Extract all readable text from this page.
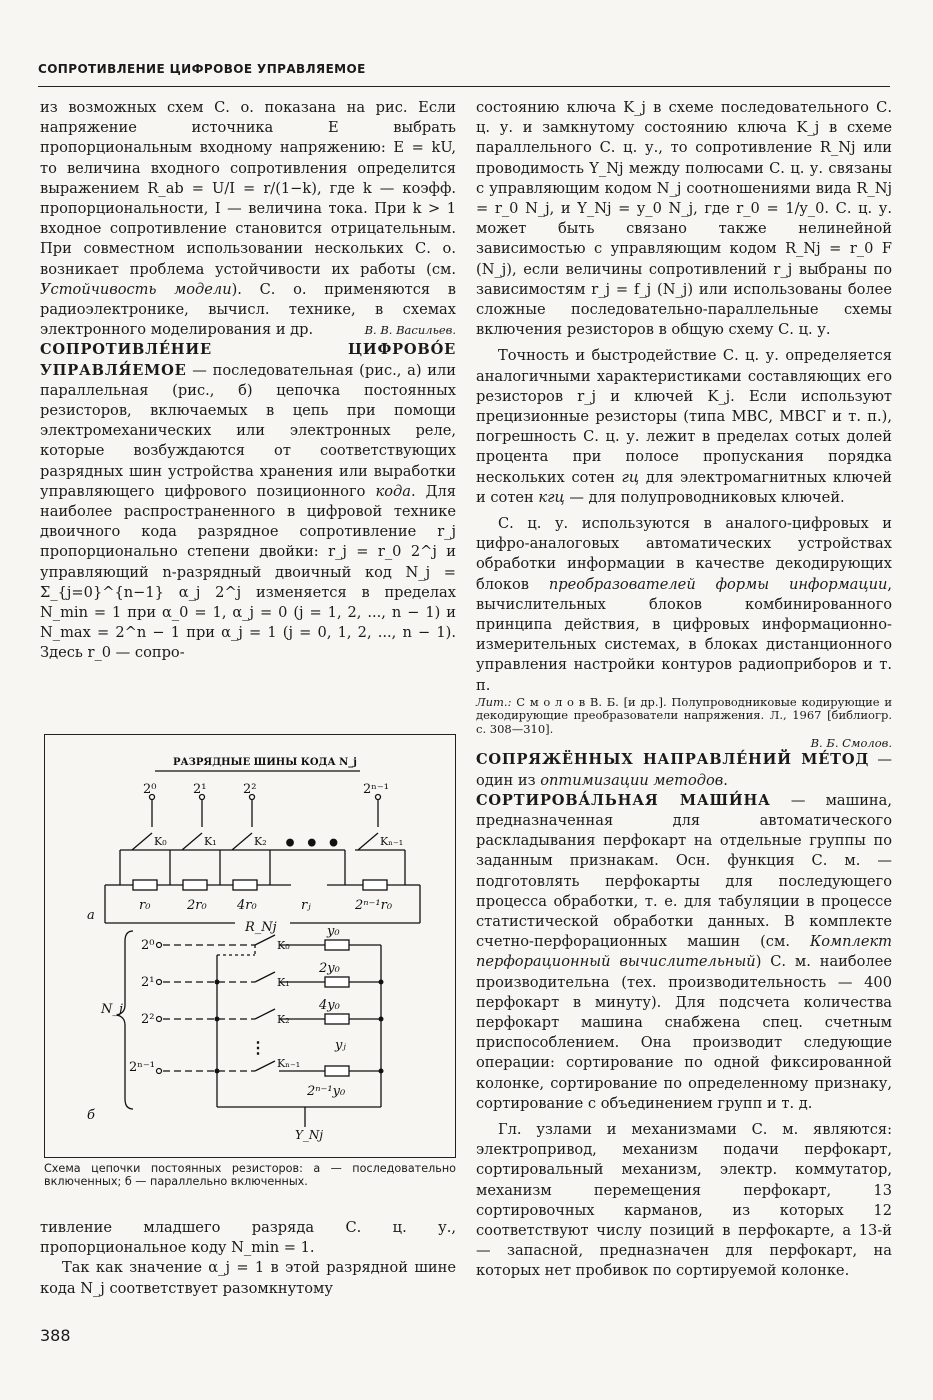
СОПРОТИВЛЕНИЕ ЦИФРОВОЕ УПРАВЛЯЕМОЕ

из возможных схем С. о. показана на рис. Если напряжение источника E выбрать пропорциональным входному напряжению: E = kU, то величина входного сопротивления определится выражением R_ab = U/I = r/(1−k), где k — коэфф. пропорциональности, I — величина тока. При k > 1 входное сопротивление становится отрицательным. При совместном использовании нескольких С. о. возникает проблема устойчивости их работы (см. Устойчивость модели). С. о. применяются в радиоэлектронике, вычисл. технике, в схемах электронного моделирования и др.	В. В. Васильев.

СОПРОТИВЛЕ́НИЕ ЦИФРОВО́Е УПРАВЛЯ́ЕМОЕ — последовательная (рис., а) или параллельная (рис., б) цепочка постоянных резисторов, включаемых в цепь при помощи электромеханических или электронных реле, которые возбуждаются от соответствующих разрядных шин устройства хранения или выработки управляющего цифрового позиционного кода. Для наиболее распространенного в цифровой технике двоичного кода разрядное сопротивление r_j пропорционально степени двойки: r_j = r_0 2^j и управляющий n-разрядный двоичный код N_j = Σ_{j=0}^{n−1} α_j 2^j изменяется в пределах N_min = 1 при α_0 = 1, α_j = 0 (j = 1, 2, ..., n − 1) и N_max = 2^n − 1 при α_j = 1 (j = 0, 1, 2, ..., n − 1). Здесь r_0 — сопро-

РАЗРЯДНЫЕ ШИНЫ КОДА N_j
• • •
2⁰	2¹	2²	2ⁿ⁻¹
K₀	K₁	K₂	Kₙ₋₁
r₀	2r₀ 4r₀	rⱼ	2ⁿ⁻¹r₀
R_Nj
а
⋮
2⁰
2¹
2²
2ⁿ⁻¹
K₀
K₁
K₂
Kₙ₋₁
y₀
2y₀
4y₀
yⱼ
2ⁿ⁻¹y₀
N_j
Y_Nj
б
Схема цепочки постоянных резисторов: а — последовательно включенных; б — параллельно включенных.

тивление младшего разряда С. ц. у., пропорциональное коду N_min = 1.

Так как значение α_j = 1 в этой разрядной шине кода N_j соответствует разомкнутому

состоянию ключа K_j в схеме последовательного С. ц. у. и замкнутому состоянию ключа K_j в схеме параллельного С. ц. у., то сопротивление R_Nj или проводимость Y_Nj между полюсами С. ц. у. связаны с управляющим кодом N_j соотношениями вида R_Nj = r_0 N_j, и Y_Nj = y_0 N_j, где r_0 = 1/y_0. С. ц. у. может быть связано также нелинейной зависимостью с управляющим кодом R_Nj = r_0 F (N_j), если величины сопротивлений r_j выбраны по зависимостям r_j = f_j (N_j) или использованы более сложные последовательно-параллельные схемы включения резисторов в общую схему С. ц. у.

Точность и быстродействие С. ц. у. определяется аналогичными характеристиками составляющих его резисторов r_j и ключей K_j. Если используют прецизионные резисторы (типа МВС, МВСГ и т. п.), погрешность С. ц. у. лежит в пределах сотых долей процента при полосе пропускания порядка нескольких сотен гц для электромагнитных ключей и сотен кгц — для полупроводниковых ключей.

С. ц. у. используются в аналого-цифровых и цифро-аналоговых автоматических устройствах обработки информации в качестве декодирующих блоков преобразователей формы информации, вычислительных блоков комбинированного принципа действия, в цифровых информационно-измерительных системах, в блоках дистанционного управления настройки контуров радиоприборов и т. п.

Лит.: С м о л о в В. Б. [и др.]. Полупроводниковые кодирующие и декодирующие преобразователи напряжения. Л., 1967 [библиогр. с. 308—310].

В. Б. Смолов.

СОПРЯЖЁННЫХ НАПРАВЛЕ́НИЙ МЕ́ТОД — один из оптимизации методов.

СОРТИРОВА́ЛЬНАЯ МАШИ́НА — машина, предназначенная для автоматического раскладывания перфокарт на отдельные группы по заданным признакам. Осн. функция С. м. — подготовлять перфокарты для последующего процесса обработки, т. е. для табуляции в процессе статистической обработки данных. В комплекте счетно-перфорационных машин (см. Комплект перфорационный вычислительный) С. м. наиболее производительна (тех. производительность — 400 перфокарт в минуту). Для подсчета количества перфокарт машина снабжена спец. счетным приспособлением. Она производит следующие операции: сортирование по одной фиксированной колонке, сортирование по определенному признаку, сортирование с объединением групп и т. д.

Гл. узлами и механизмами С. м. являются: электропривод, механизм подачи перфокарт, сортировальный механизм, электр. коммутатор, механизм перемещения перфокарт, 13 сортировочных карманов, из которых 12 соответствуют числу позиций в перфокарте, а 13-й — запасной, предназначен для перфокарт, на которых нет пробивок по сортируемой колонке.

388
